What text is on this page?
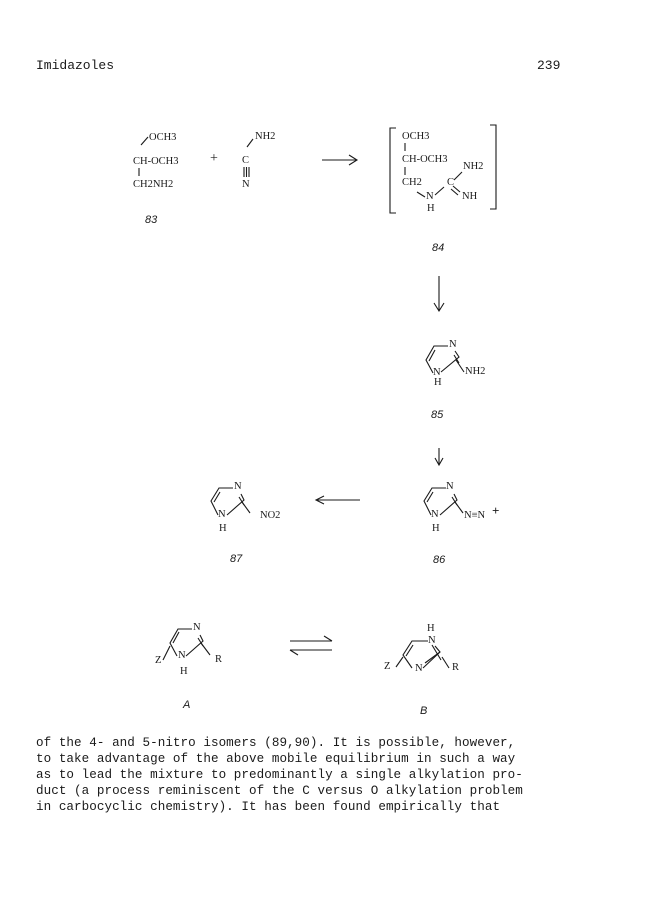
Imidazoles	239
OCH3
CH-OCH3
CH2NH2
83
+
NH2
C
N
OCH3
CH-OCH3
NH2
CH2 C
N	NH
H
84
N
N
H
NH2
85
N
N
H
N≡N +
86
N
N
H
NO2
87
N
Z N	R
H
A
H
N
Z N	R
B
of the 4- and 5-nitro isomers (89,90). It is possible, however,
to take advantage of the above mobile equilibrium in such a way
as to lead the mixture to predominantly a single alkylation pro-
duct (a process reminiscent of the C versus O alkylation problem
in carbocyclic chemistry). It has been found empirically that
